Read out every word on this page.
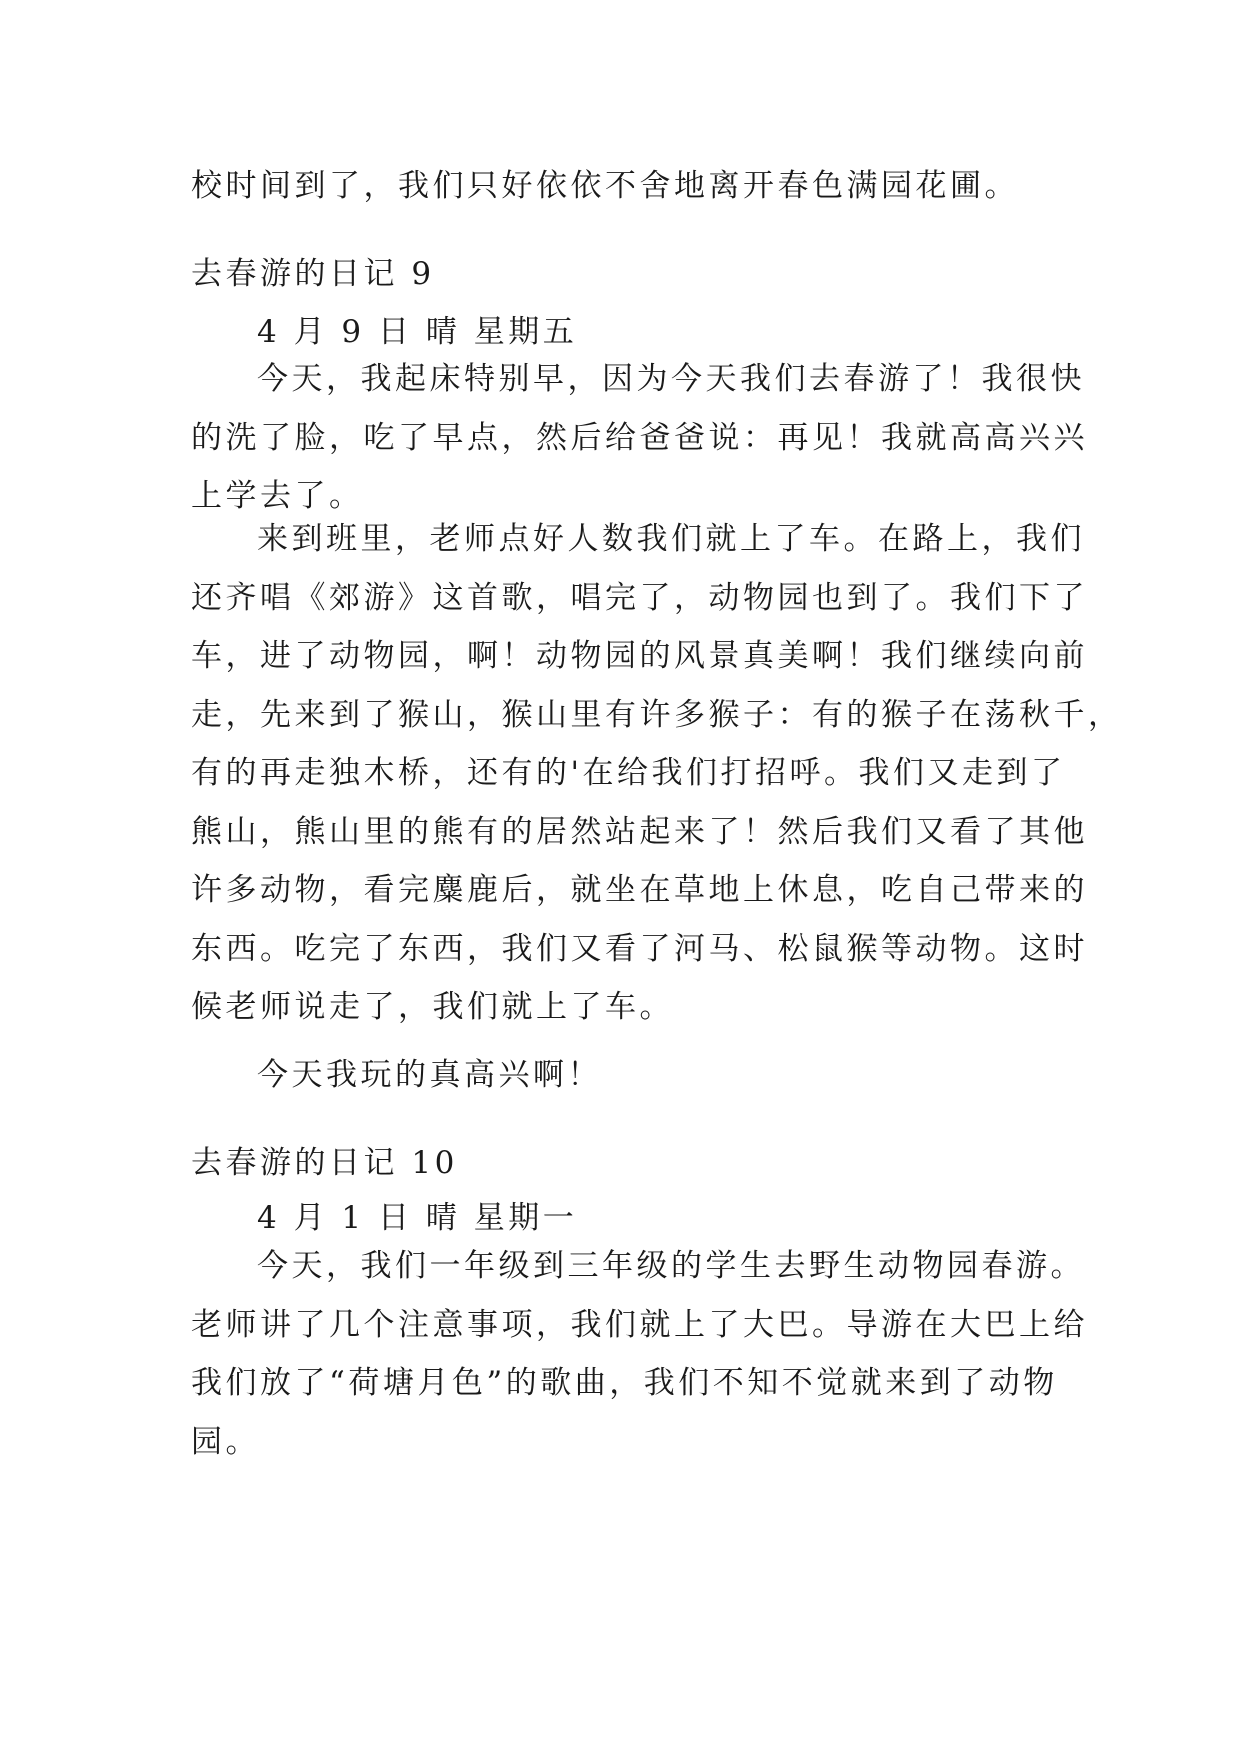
校时间到了，我们只好依依不舍地离开春色满园花圃。
去春游的日记 9
4 月 9 日 晴 星期五
今天，我起床特别早，因为今天我们去春游了！我很快
的洗了脸，吃了早点，然后给爸爸说：再见！我就高高兴兴
上学去了。
来到班里，老师点好人数我们就上了车。在路上，我们
还齐唱《郊游》这首歌，唱完了，动物园也到了。我们下了
车，进了动物园，啊！动物园的风景真美啊！我们继续向前
走，先来到了猴山，猴山里有许多猴子：有的猴子在荡秋千，
有的再走独木桥，还有的'在给我们打招呼。我们又走到了
熊山，熊山里的熊有的居然站起来了！然后我们又看了其他
许多动物，看完麋鹿后，就坐在草地上休息，吃自己带来的
东西。吃完了东西，我们又看了河马、松鼠猴等动物。这时
候老师说走了，我们就上了车。
今天我玩的真高兴啊！
去春游的日记 10
4 月 1 日 晴 星期一
今天，我们一年级到三年级的学生去野生动物园春游。
老师讲了几个注意事项，我们就上了大巴。导游在大巴上给
我们放了“荷塘月色”的歌曲，我们不知不觉就来到了动物
园。
